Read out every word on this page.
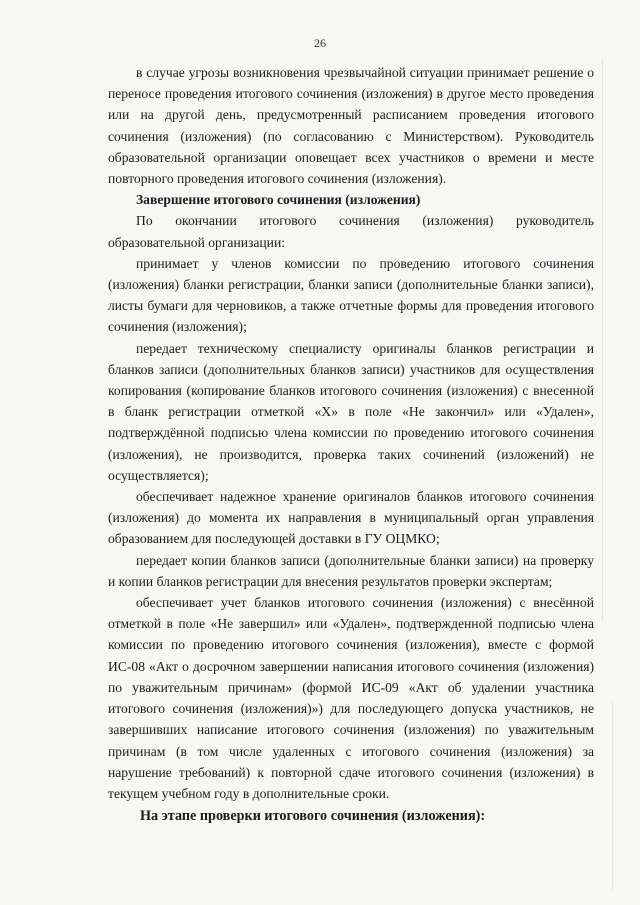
26

в случае угрозы возникновения чрезвычайной ситуации принимает решение о переносе проведения итогового сочинения (изложения) в другое место проведения или на другой день, предусмотренный расписанием проведения итогового сочинения (изложения) (по согласованию с Министерством). Руководитель образовательной организации оповещает всех участников о времени и месте повторного проведения итогового сочинения (изложения).

Завершение итогового сочинения (изложения)

По окончании итогового сочинения (изложения) руководитель образовательной организации:

принимает у членов комиссии по проведению итогового сочинения (изложения) бланки регистрации, бланки записи (дополнительные бланки записи), листы бумаги для черновиков, а также отчетные формы для проведения итогового сочинения (изложения);

передает техническому специалисту оригиналы бланков регистрации и бланков записи (дополнительных бланков записи) участников для осуществления копирования (копирование бланков итогового сочинения (изложения) с внесенной в бланк регистрации отметкой «Х» в поле «Не закончил» или «Удален», подтверждённой подписью члена комиссии по проведению итогового сочинения (изложения), не производится, проверка таких сочинений (изложений) не осуществляется);

обеспечивает надежное хранение оригиналов бланков итогового сочинения (изложения) до момента их направления в муниципальный орган управления образованием для последующей доставки в ГУ ОЦМКО;

передает копии бланков записи (дополнительные бланки записи) на проверку и копии бланков регистрации для внесения результатов проверки экспертам;

обеспечивает учет бланков итогового сочинения (изложения) с внесённой отметкой в поле «Не завершил» или «Удален», подтвержденной подписью члена комиссии по проведению итогового сочинения (изложения), вместе с формой ИС-08 «Акт о досрочном завершении написания итогового сочинения (изложения) по уважительным причинам» (формой ИС-09 «Акт об удалении участника итогового сочинения (изложения)») для последующего допуска участников, не завершивших написание итогового сочинения (изложения) по уважительным причинам (в том числе удаленных с итогового сочинения (изложения) за нарушение требований) к повторной сдаче итогового сочинения (изложения) в текущем учебном году в дополнительные сроки.

На этапе проверки итогового сочинения (изложения):
